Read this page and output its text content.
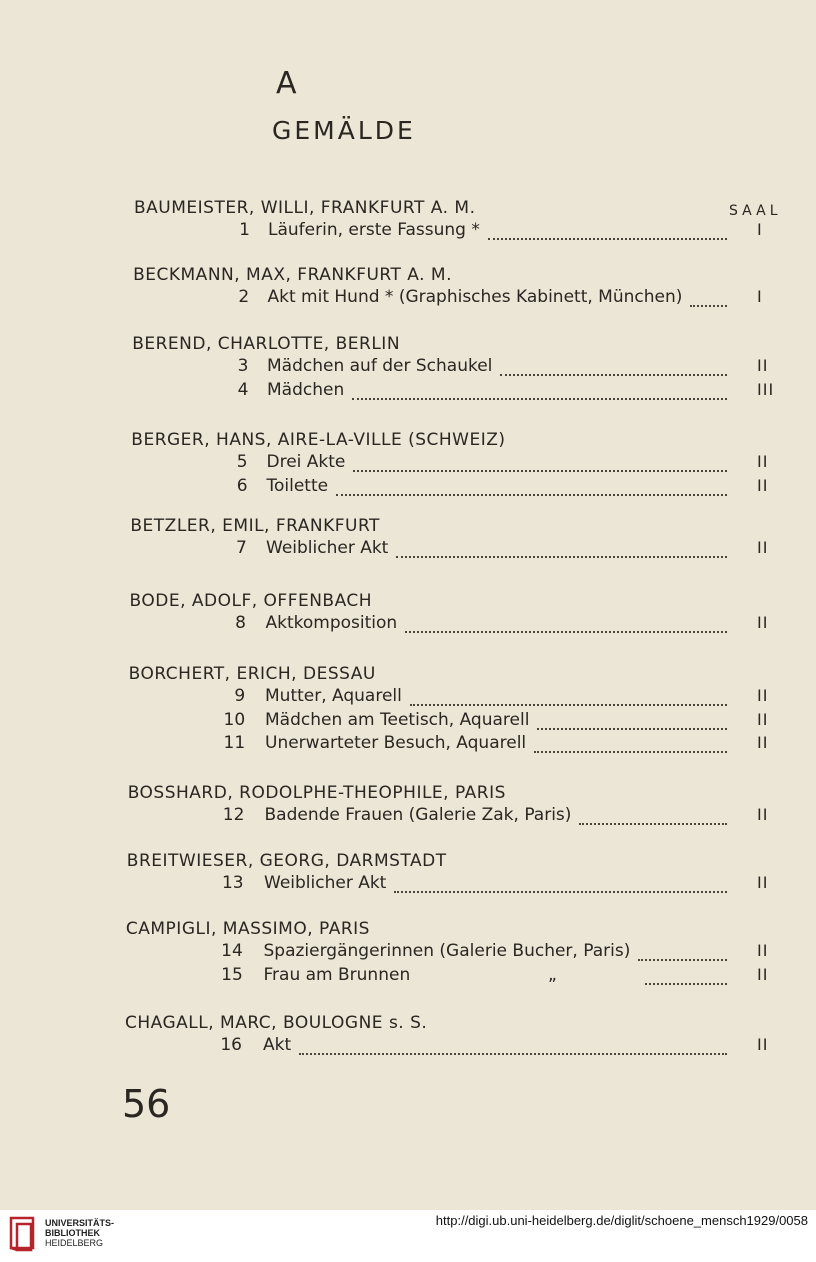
A
GEMÄLDE
SAAL
BAUMEISTER, WILLI, FRANKFURT A. M.
1 Läuferin, erste Fassung *	I
BECKMANN, MAX, FRANKFURT A. M.
2 Akt mit Hund * (Graphisches Kabinett, München)	I
BEREND, CHARLOTTE, BERLIN
3 Mädchen auf der Schaukel	II
4 Mädchen	III
BERGER, HANS, AIRE-LA-VILLE (SCHWEIZ)
5 Drei Akte	II
6 Toilette	II
BETZLER, EMIL, FRANKFURT
7 Weiblicher Akt	II
BODE, ADOLF, OFFENBACH
8 Aktkomposition	II
BORCHERT, ERICH, DESSAU
9 Mutter, Aquarell	II
10 Mädchen am Teetisch, Aquarell	II
11 Unerwarteter Besuch, Aquarell	II
BOSSHARD, RODOLPHE-THEOPHILE, PARIS
12 Badende Frauen (Galerie Zak, Paris)	II
BREITWIESER, GEORG, DARMSTADT
13 Weiblicher Akt	II
CAMPIGLI, MASSIMO, PARIS
14 Spaziergängerinnen (Galerie Bucher, Paris)	II
15 Frau am Brunnen	„	II
CHAGALL, MARC, BOULOGNE s. S.
16 Akt	II
56
UNIVERSITÄTS-
BIBLIOTHEK
HEIDELBERG
http://digi.ub.uni-heidelberg.de/diglit/schoene_mensch1929/0058
